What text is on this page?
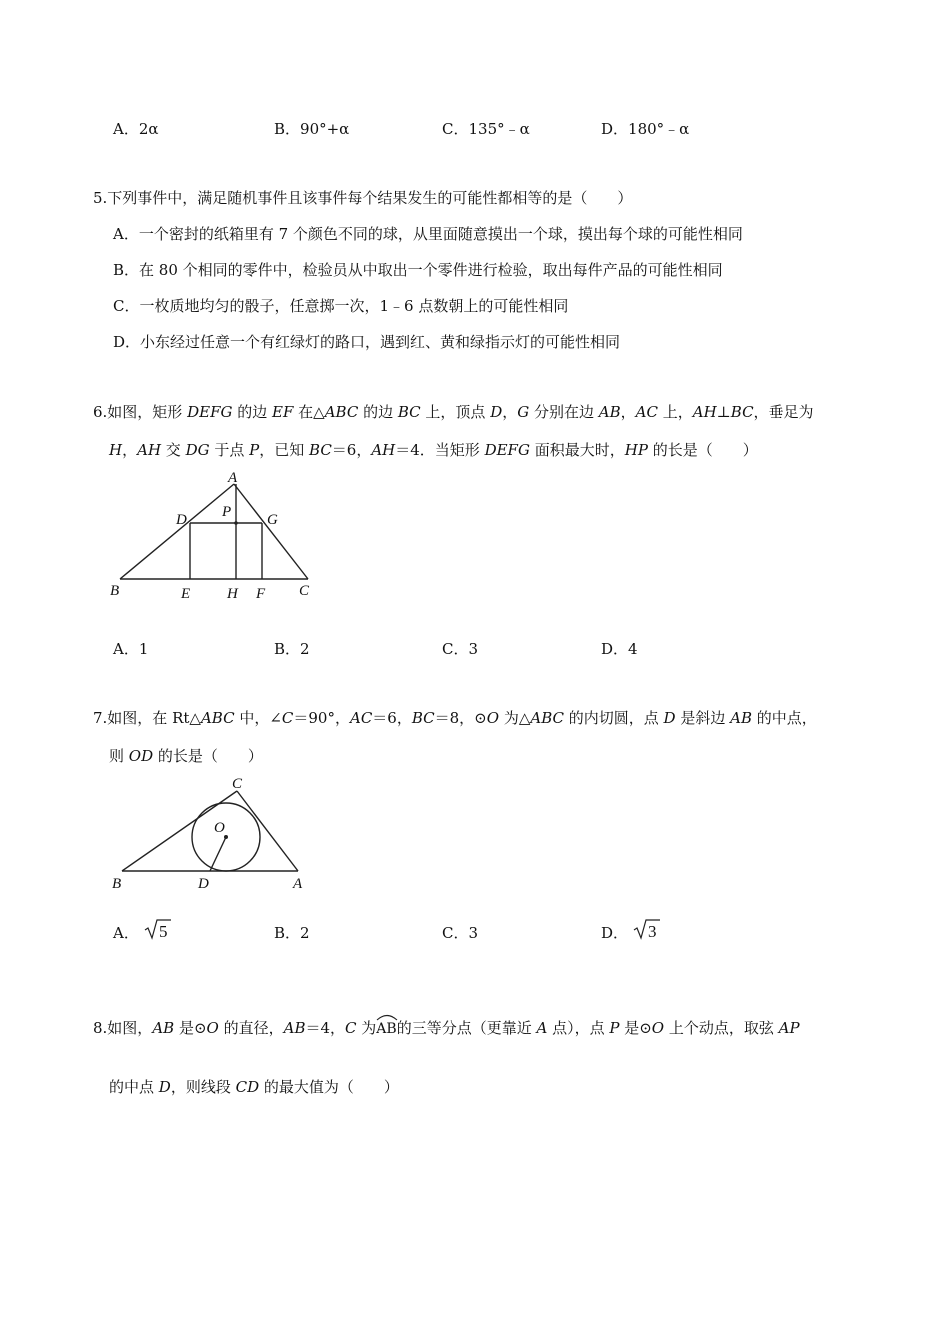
A．2α	B．90°+α	C．135°﹣α	D．180°﹣α
5.下列事件中，满足随机事件且该事件每个结果发生的可能性都相等的是（　　）
A．一个密封的纸箱里有 7 个颜色不同的球，从里面随意摸出一个球，摸出每个球的可能性相同
B．在 80 个相同的零件中，检验员从中取出一个零件进行检验，取出每件产品的可能性相同
C．一枚质地均匀的骰子，任意掷一次，1﹣6 点数朝上的可能性相同
D．小东经过任意一个有红绿灯的路口，遇到红、黄和绿指示灯的可能性相同
6.如图，矩形 DEFG 的边 EF 在△ABC 的边 BC 上，顶点 D，G 分别在边 AB，AC 上，AH⊥BC，垂足为
H，AH 交 DG 于点 P，已知 BC＝6，AH＝4．当矩形 DEFG 面积最大时，HP 的长是（　　）
A
B	C
D
E	F
G
H
P
A．1	B．2	C．3	D．4
7.如图，在 Rt△ABC 中，∠C＝90°，AC＝6，BC＝8，⊙O 为△ABC 的内切圆，点 D 是斜边 AB 的中点，
则 OD 的长是（　　）
C
B	A
D
O
A． 5	B．2	C．3	D． 3
8.如图，AB 是⊙O 的直径，AB＝4，C 为
AB的三等分点（更靠近 A 点），点 P 是⊙O 上个动点，取弦 AP
的中点 D，则线段 CD 的最大值为（　　）
